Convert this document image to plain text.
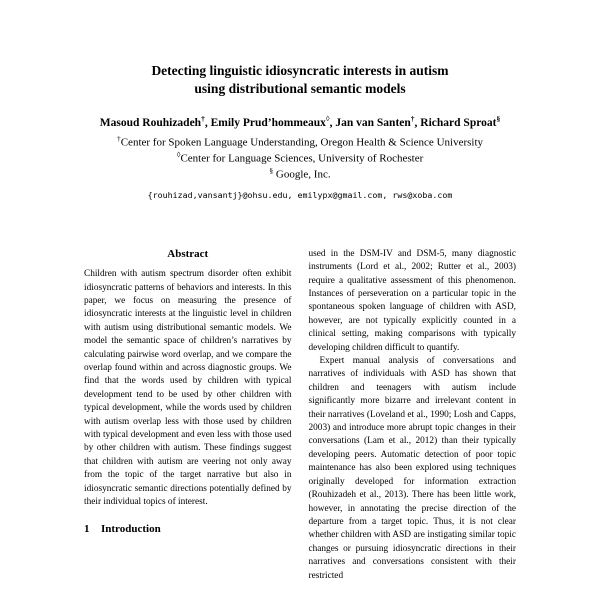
Detecting linguistic idiosyncratic interests in autism
using distributional semantic models
Masoud Rouhizadeh†, Emily Prud’hommeaux◊, Jan van Santen†, Richard Sproat§
†Center for Spoken Language Understanding, Oregon Health & Science University
◊Center for Language Sciences, University of Rochester
§ Google, Inc.
{rouhizad,vansantj}@ohsu.edu, emilypx@gmail.com, rws@xoba.com
Abstract

Children with autism spectrum disorder often exhibit idiosyncratic patterns of behaviors and interests. In this paper, we focus on measuring the presence of idiosyncratic interests at the linguistic level in children with autism using distributional semantic models. We model the semantic space of children’s narratives by calculating pairwise word overlap, and we compare the overlap found within and across diagnostic groups. We find that the words used by children with typical development tend to be used by other children with typical development, while the words used by children with autism overlap less with those used by children with typical development and even less with those used by other children with autism. These findings suggest that children with autism are veering not only away from the topic of the target narrative but also in idiosyncratic semantic directions potentially defined by their individual topics of interest.

1 Introduction

used in the DSM-IV and DSM-5, many diagnostic instruments (Lord et al., 2002; Rutter et al., 2003) require a qualitative assessment of this phenomenon. Instances of perseveration on a particular topic in the spontaneous spoken language of children with ASD, however, are not typically explicitly counted in a clinical setting, making comparisons with typically developing children difficult to quantify.

Expert manual analysis of conversations and narratives of individuals with ASD has shown that children and teenagers with autism include significantly more bizarre and irrelevant content in their narratives (Loveland et al., 1990; Losh and Capps, 2003) and introduce more abrupt topic changes in their conversations (Lam et al., 2012) than their typically developing peers. Automatic detection of poor topic maintenance has also been explored using techniques originally developed for information extraction (Rouhizadeh et al., 2013). There has been little work, however, in annotating the precise direction of the departure from a target topic. Thus, it is not clear whether children with ASD are instigating similar topic changes or pursuing idiosyncratic directions in their narratives and conversations consistent with their restricted
